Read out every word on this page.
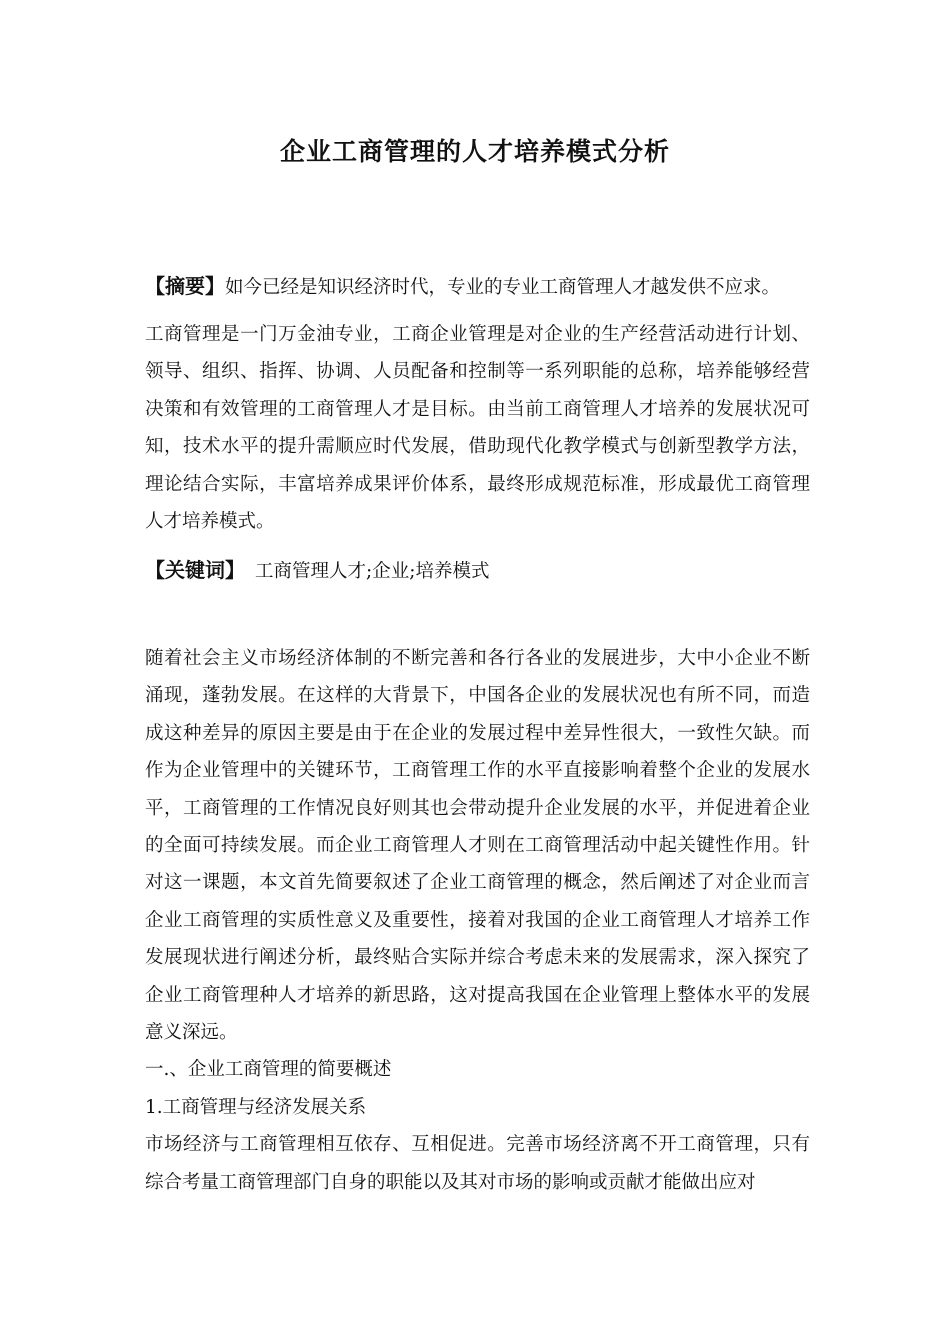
企业工商管理的人才培养模式分析
【摘要】如今已经是知识经济时代，专业的专业工商管理人才越发供不应求。
工商管理是一门万金油专业，工商企业管理是对企业的生产经营活动进行计划、领导、组织、指挥、协调、人员配备和控制等一系列职能的总称，培养能够经营决策和有效管理的工商管理人才是目标。由当前工商管理人才培养的发展状况可知，技术水平的提升需顺应时代发展，借助现代化教学模式与创新型教学方法，理论结合实际，丰富培养成果评价体系，最终形成规范标准，形成最优工商管理人才培养模式。
【关键词】 工商管理人才;企业;培养模式

随着社会主义市场经济体制的不断完善和各行各业的发展进步，大中小企业不断涌现，蓬勃发展。在这样的大背景下，中国各企业的发展状况也有所不同，而造成这种差异的原因主要是由于在企业的发展过程中差异性很大，一致性欠缺。而作为企业管理中的关键环节，工商管理工作的水平直接影响着整个企业的发展水平，工商管理的工作情况良好则其也会带动提升企业发展的水平，并促进着企业的全面可持续发展。而企业工商管理人才则在工商管理活动中起关键性作用。针对这一课题，本文首先简要叙述了企业工商管理的概念，然后阐述了对企业而言企业工商管理的实质性意义及重要性，接着对我国的企业工商管理人才培养工作发展现状进行阐述分析，最终贴合实际并综合考虑未来的发展需求，深入探究了企业工商管理种人才培养的新思路，这对提高我国在企业管理上整体水平的发展意义深远。

一.、企业工商管理的简要概述

1.工商管理与经济发展关系

市场经济与工商管理相互依存、互相促进。完善市场经济离不开工商管理，只有综合考量工商管理部门自身的职能以及其对市场的影响或贡献才能做出应对
